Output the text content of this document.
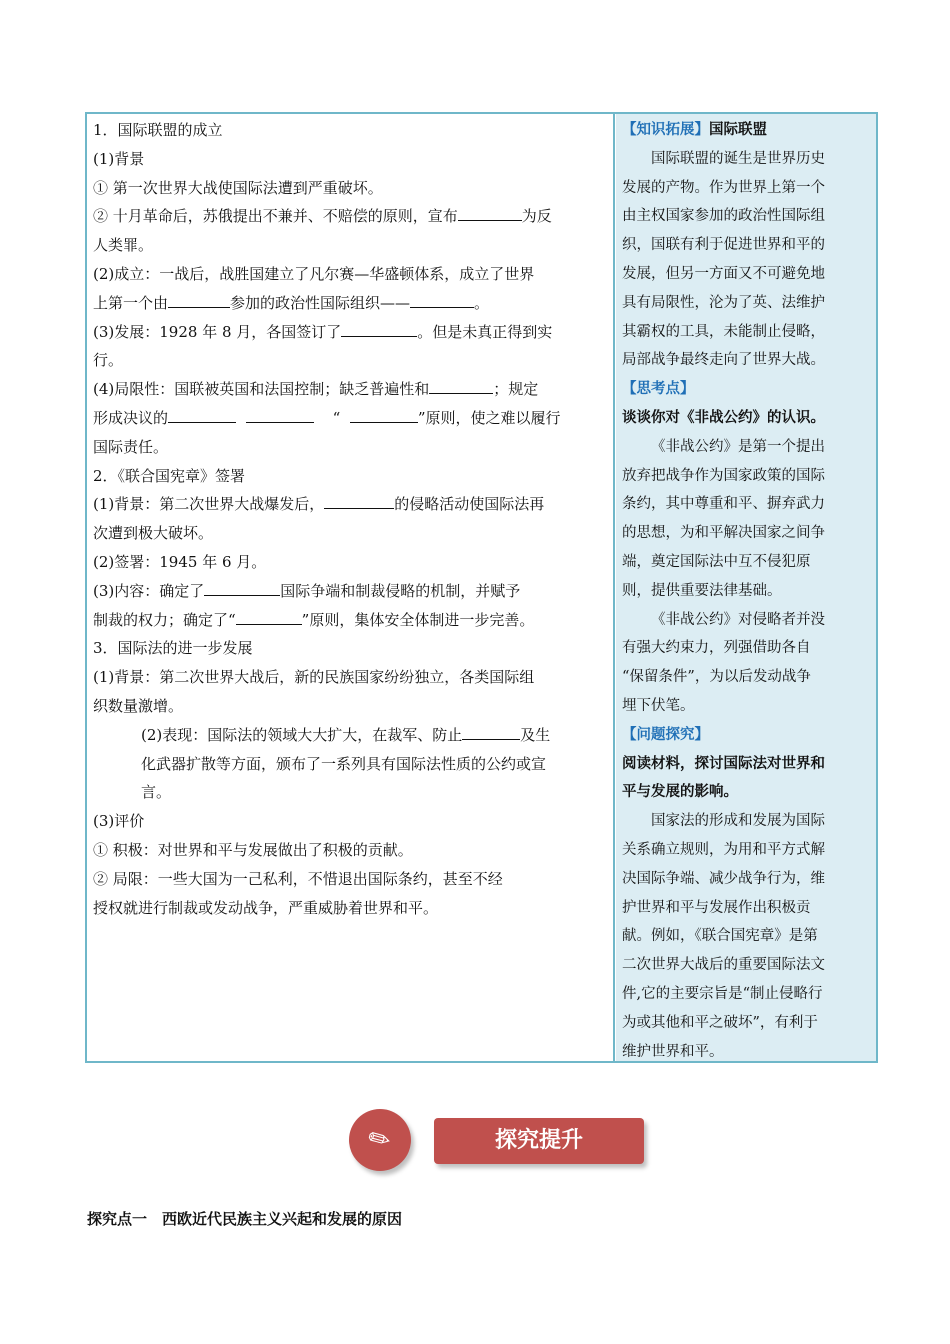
1．国际联盟的成立

(1)背景

① 第一次世界大战使国际法遭到严重破坏。

② 十月革命后，苏俄提出不兼并、不赔偿的原则，宣布	为反

人类罪。

(2)成立：一战后，战胜国建立了凡尔赛—华盛顿体系，成立了世界

上第一个由	参加的政治性国际组织——	。

(3)发展：1928 年 8 月，各国签订了	。但是未真正得到实

行。

(4)局限性：国联被英国和法国控制；缺乏普遍性和	；规定

形成决议的	“	”原则，使之难以履行

国际责任。

2．《联合国宪章》签署

(1)背景：第二次世界大战爆发后，	的侵略活动使国际法再

次遭到极大破坏。

(2)签署：1945 年 6 月。

(3)内容：确定了	国际争端和制裁侵略的机制，并赋予

制裁的权力；确定了“	”原则，集体安全体制进一步完善。

3．国际法的进一步发展

(1)背景：第二次世界大战后，新的民族国家纷纷独立，各类国际组

织数量激增。

(2)表现：国际法的领域大大扩大，在裁军、防止	及生

化武器扩散等方面，颁布了一系列具有国际法性质的公约或宣

言。

(3)评价

① 积极：对世界和平与发展做出了积极的贡献。

② 局限：一些大国为一己私利，不惜退出国际条约，甚至不经

授权就进行制裁或发动战争，严重威胁着世界和平。

【知识拓展】国际联盟

国际联盟的诞生是世界历史

发展的产物。作为世界上第一个

由主权国家参加的政治性国际组

织，国联有利于促进世界和平的

发展，但另一方面又不可避免地

具有局限性，沦为了英、法维护

其霸权的工具，未能制止侵略，

局部战争最终走向了世界大战。

【思考点】

谈谈你对《非战公约》的认识。

《非战公约》是第一个提出

放弃把战争作为国家政策的国际

条约，其中尊重和平、摒弃武力

的思想，为和平解决国家之间争

端，奠定国际法中互不侵犯原

则，提供重要法律基础。

《非战公约》对侵略者并没

有强大约束力，列强借助各自

“保留条件”，为以后发动战争

埋下伏笔。

【问题探究】

阅读材料，探讨国际法对世界和

平与发展的影响。

国家法的形成和发展为国际

关系确立规则，为用和平方式解

决国际争端、减少战争行为，维

护世界和平与发展作出积极贡

献。例如，《联合国宪章》是第

二次世界大战后的重要国际法文

件,它的主要宗旨是“制止侵略行

为或其他和平之破坏”，有利于

维护世界和平。

✎	探究提升
探究点一　西欧近代民族主义兴起和发展的原因
